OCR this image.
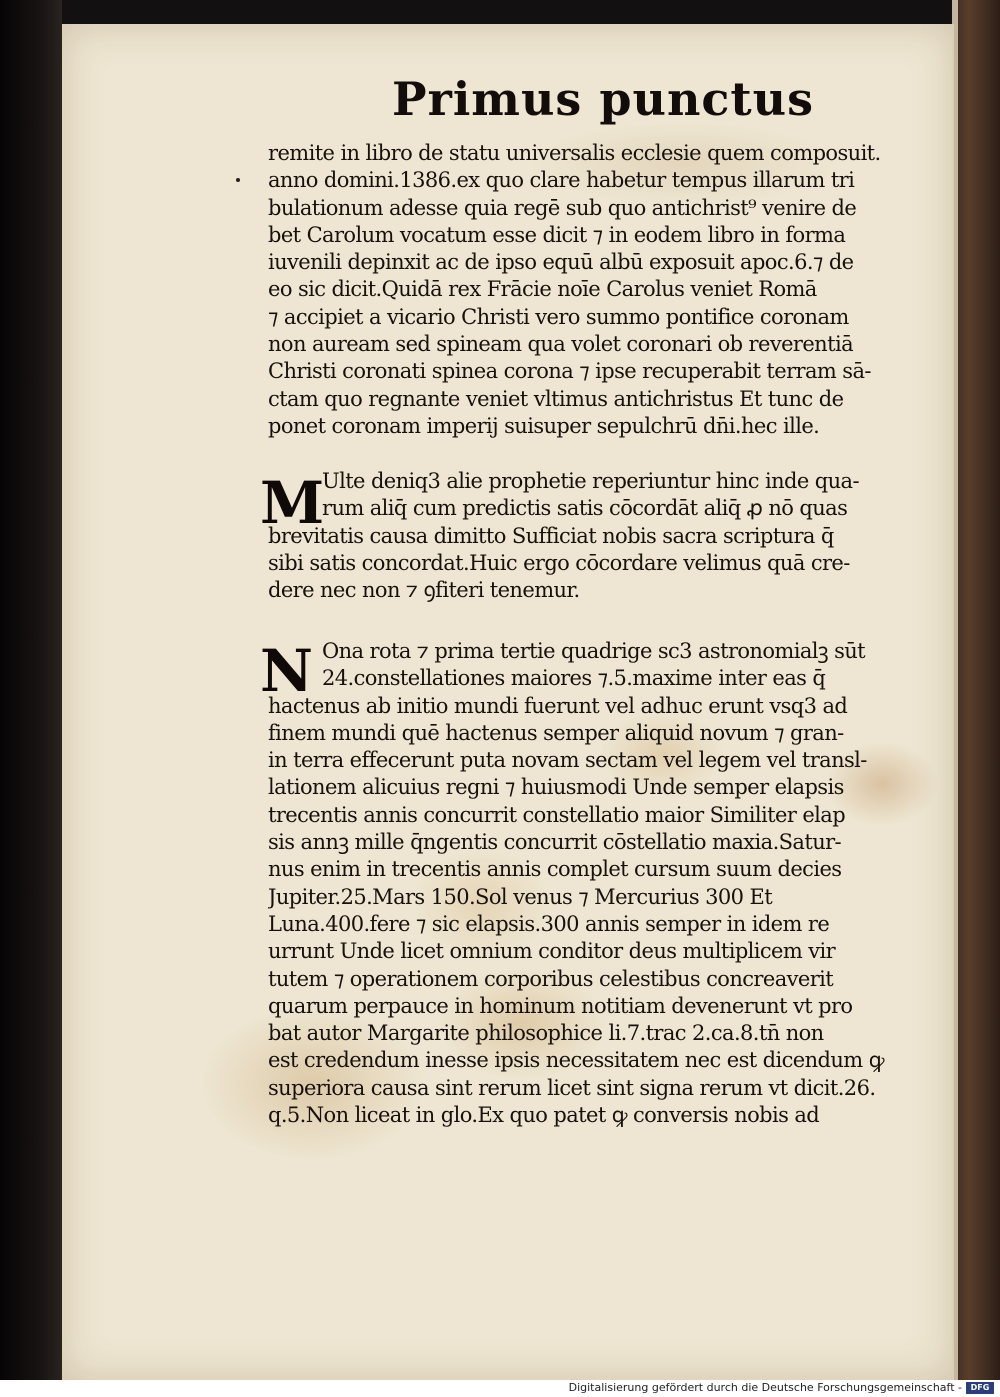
Primus punctus
remite in libro de statu universalis ecclesie quem composuit.
anno domini.1386.ex quo clare habetur tempus illarum tri
bulationum adesse quia regē sub quo antichrist⁹ venire de
bet Carolum vocatum esse dicit ⁊ in eodem libro in forma
iuvenili depinxit ac de ipso equū albū exposuit apoc.6.⁊ de
eo sic dicit.Quidā rex Frācie noīe Carolus veniet Romā
⁊ accipiet a vicario Christi vero summo pontifice coronam
non auream sed spineam qua volet coronari ob reverentiā
Christi coronati spinea corona ⁊ ipse recuperabit terram sā-
ctam quo regnante veniet vltimus antichristus Et tunc de
ponet coronam imperij suisuper sepulchrū dn̄i.hec ille.
M
Ulte deniq3 alie prophetie reperiuntur hinc inde qua-
rum aliq̄ cum predictis satis cōcordāt aliq̄ ꝓ nō quas
brevitatis causa dimitto Sufficiat nobis sacra scriptura q̄
sibi satis concordat.Huic ergo cōcordare velimus quā cre-
dere nec non ⁊ ꝯfiteri tenemur.
N Ona rota ⁊ prima tertie quadrige sc3 astronomialꝫ sūt
24.constellationes maiores ⁊.5.maxime inter eas q̄
hactenus ab initio mundi fuerunt vel adhuc erunt vsq3 ad
finem mundi quē hactenus semper aliquid novum ⁊ gran-
in terra effecerunt puta novam sectam vel legem vel transl-
lationem alicuius regni ⁊ huiusmodi Unde semper elapsis
trecentis annis concurrit constellatio maior Similiter elap
sis annꝫ mille q̄ngentis concurrit cōstellatio maxia.Satur-
nus enim in trecentis annis complet cursum suum decies
Jupiter.25.Mars 150.Sol venus ⁊ Mercurius 300 Et
Luna.400.fere ⁊ sic elapsis.300 annis semper in idem re
urrunt Unde licet omnium conditor deus multiplicem vir
tutem ⁊ operationem corporibus celestibus concreaverit
quarum perpauce in hominum notitiam devenerunt vt pro
bat autor Margarite philosophice li.7.trac 2.ca.8.tn̄ non
est credendum inesse ipsis necessitatem nec est dicendum ꝙ
superiora causa sint rerum licet sint signa rerum vt dicit.26.
q.5.Non liceat in glo.Ex quo patet ꝙ conversis nobis ad
Digitalisierung gefördert durch die Deutsche Forschungsgemeinschaft -	DFG
